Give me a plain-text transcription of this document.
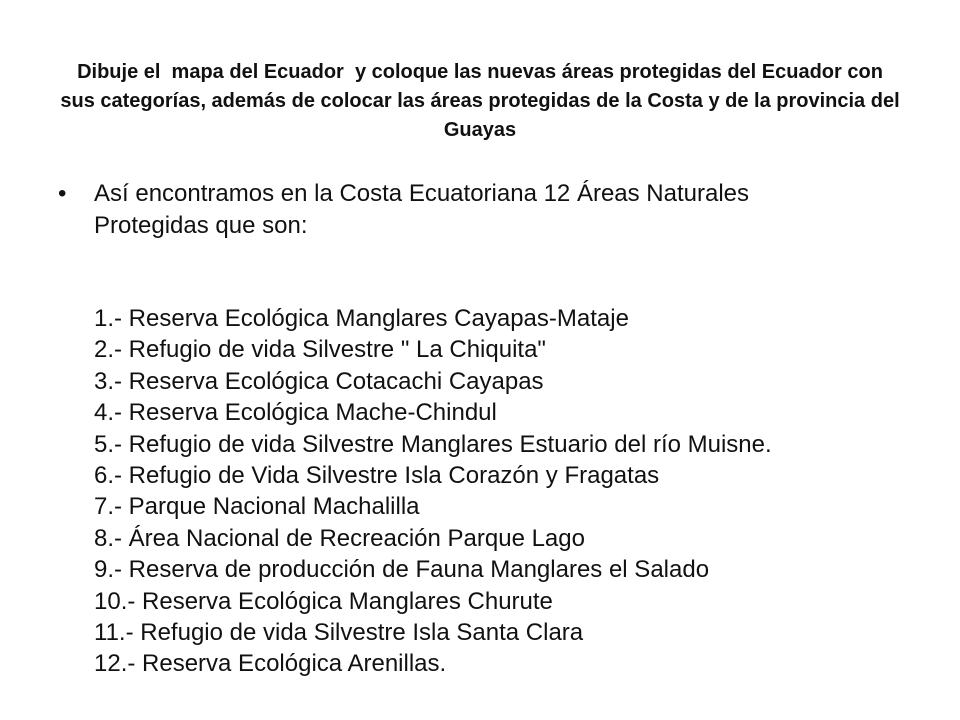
Dibuje el  mapa del Ecuador  y coloque las nuevas áreas protegidas del Ecuador con sus categorías, además de colocar las áreas protegidas de la Costa y de la provincia del Guayas
•	Así encontramos en la Costa Ecuatoriana 12 Áreas Naturales Protegidas que son:
1.- Reserva Ecológica Manglares Cayapas-Mataje
2.- Refugio de vida Silvestre " La Chiquita"
3.- Reserva Ecológica Cotacachi Cayapas
4.- Reserva Ecológica Mache-Chindul
5.- Refugio de vida Silvestre Manglares Estuario del río Muisne.
6.- Refugio de Vida Silvestre Isla Corazón y Fragatas
7.- Parque Nacional Machalilla
8.- Área Nacional de Recreación Parque Lago
9.- Reserva de producción de Fauna Manglares el Salado
10.- Reserva Ecológica Manglares Churute
11.- Refugio de vida Silvestre Isla Santa Clara
12.- Reserva Ecológica Arenillas.
